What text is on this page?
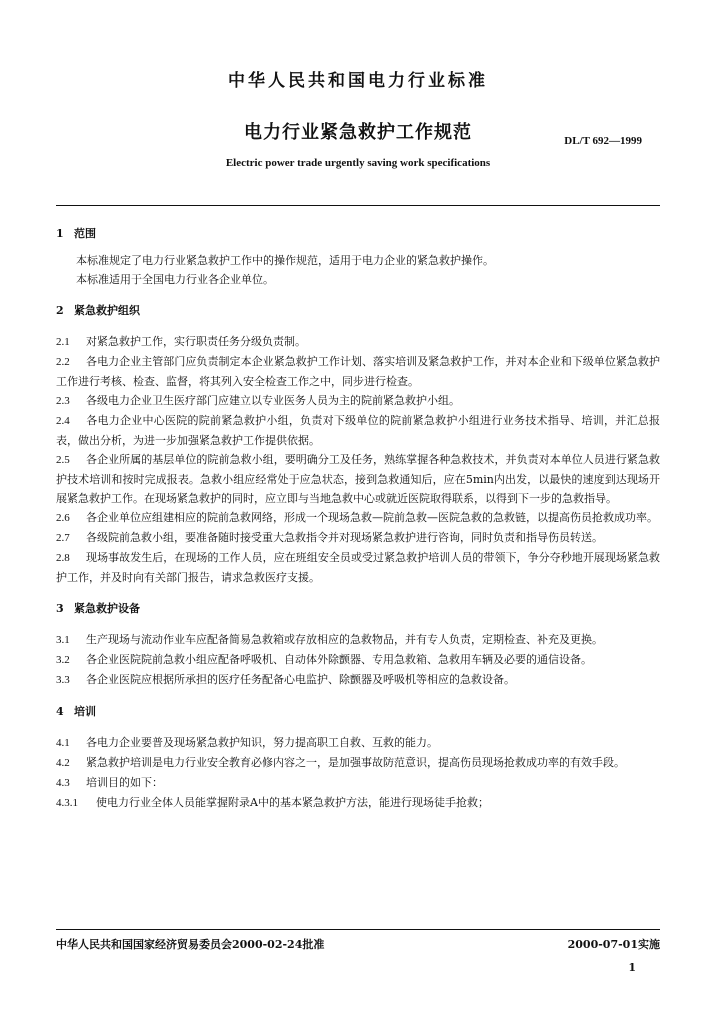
中华人民共和国电力行业标准
电力行业紧急救护工作规范	DL/T 692—1999
Electric power trade urgently saving work specifications

1 范围

本标准规定了电力行业紧急救护工作中的操作规范，适用于电力企业的紧急救护操作。

本标准适用于全国电力行业各企业单位。

2 紧急救护组织

2.1 对紧急救护工作，实行职责任务分级负责制。

2.2 各电力企业主管部门应负责制定本企业紧急救护工作计划、落实培训及紧急救护工作，并对本企业和下级单位紧急救护工作进行考核、检查、监督，将其列入安全检查工作之中，同步进行检查。

2.3 各级电力企业卫生医疗部门应建立以专业医务人员为主的院前紧急救护小组。

2.4 各电力企业中心医院的院前紧急救护小组，负责对下级单位的院前紧急救护小组进行业务技术指导、培训，并汇总报表，做出分析，为进一步加强紧急救护工作提供依据。

2.5 各企业所属的基层单位的院前急救小组，要明确分工及任务，熟练掌握各种急救技术，并负责对本单位人员进行紧急救护技术培训和按时完成报表。急救小组应经常处于应急状态，接到急救通知后，应在5min内出发，以最快的速度到达现场开展紧急救护工作。在现场紧急救护的同时，应立即与当地急救中心或就近医院取得联系，以得到下一步的急救指导。

2.6 各企业单位应组建相应的院前急救网络，形成一个现场急救—院前急救—医院急救的急救链，以提高伤员抢救成功率。

2.7 各级院前急救小组，要准备随时接受重大急救指令并对现场紧急救护进行咨询，同时负责和指导伤员转送。

2.8 现场事故发生后，在现场的工作人员，应在班组安全员或受过紧急救护培训人员的带领下，争分夺秒地开展现场紧急救护工作，并及时向有关部门报告，请求急救医疗支援。

3 紧急救护设备

3.1 生产现场与流动作业车应配备简易急救箱或存放相应的急救物品，并有专人负责，定期检查、补充及更换。

3.2 各企业医院院前急救小组应配备呼吸机、自动体外除颤器、专用急救箱、急救用车辆及必要的通信设备。

3.3 各企业医院应根据所承担的医疗任务配备心电监护、除颤器及呼吸机等相应的急救设备。

4 培训

4.1 各电力企业要普及现场紧急救护知识，努力提高职工自救、互救的能力。

4.2 紧急救护培训是电力行业安全教育必修内容之一，是加强事故防范意识，提高伤员现场抢救成功率的有效手段。

4.3 培训目的如下：

4.3.1 使电力行业全体人员能掌握附录A中的基本紧急救护方法，能进行现场徒手抢救；

中华人民共和国国家经济贸易委员会2000-02-24批准	2000-07-01实施
1
